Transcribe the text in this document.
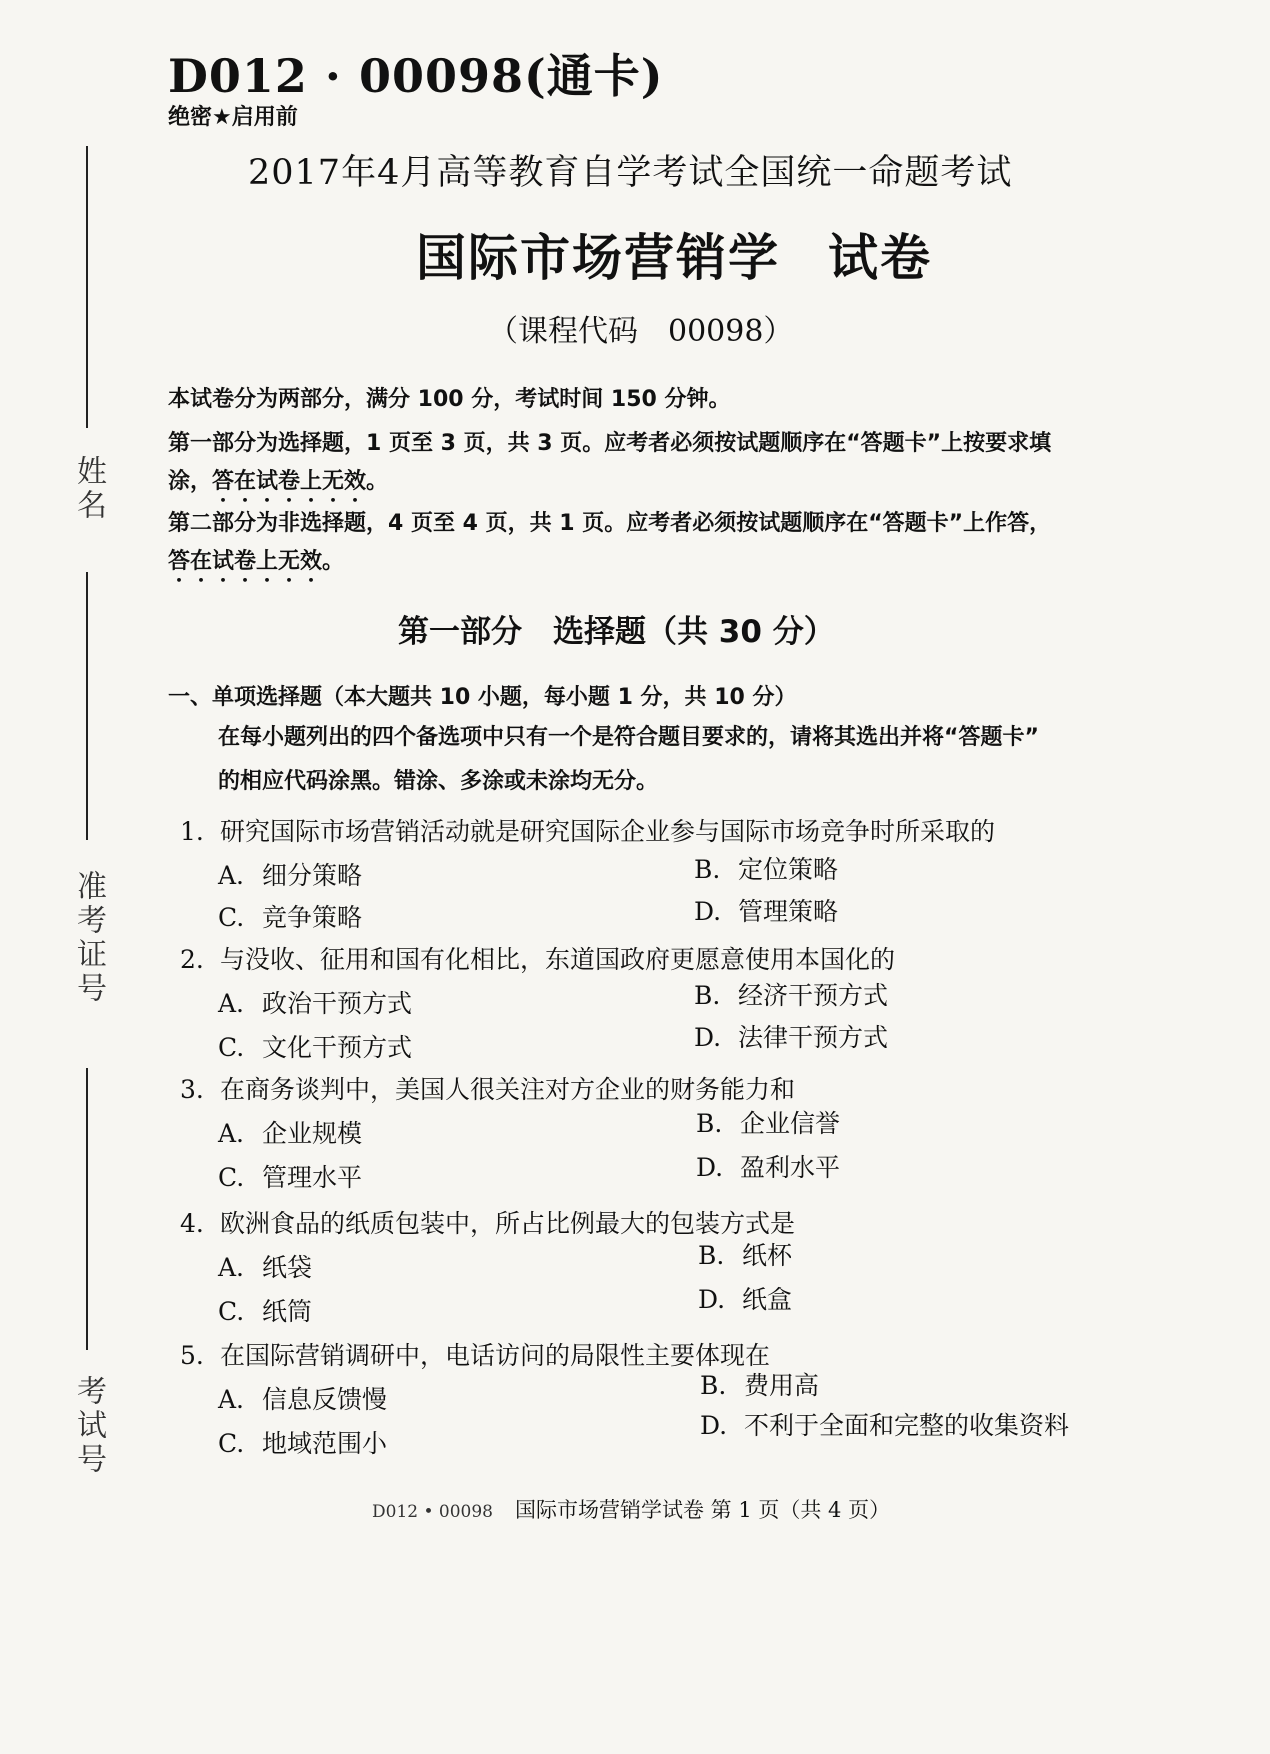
D012 · 00098(通卡)
绝密★启用前
2017年4月高等教育自学考试全国统一命题考试
国际市场营销学 试卷
（课程代码　00098）
姓名
准考证号
考试号
本试卷分为两部分，满分 100 分，考试时间 150 分钟。
第一部分为选择题，1 页至 3 页，共 3 页。应考者必须按试题顺序在“答题卡”上按要求填
涂，答在试卷上无效。
第二部分为非选择题，4 页至 4 页，共 1 页。应考者必须按试题顺序在“答题卡”上作答，
答在试卷上无效。
第一部分　选择题（共 30 分）
一、单项选择题（本大题共 10 小题，每小题 1 分，共 10 分）
在每小题列出的四个备选项中只有一个是符合题目要求的，请将其选出并将“答题卡”
的相应代码涂黑。错涂、多涂或未涂均无分。
1. 研究国际市场营销活动就是研究国际企业参与国际市场竞争时所采取的
A. 细分策略	B. 定位策略
C. 竞争策略	D. 管理策略
2. 与没收、征用和国有化相比，东道国政府更愿意使用本国化的
A. 政治干预方式	B. 经济干预方式
C. 文化干预方式	D. 法律干预方式
3. 在商务谈判中，美国人很关注对方企业的财务能力和
A. 企业规模	B. 企业信誉
C. 管理水平	D. 盈利水平
4. 欧洲食品的纸质包装中，所占比例最大的包装方式是
A. 纸袋	B. 纸杯
C. 纸筒	D. 纸盒
5. 在国际营销调研中，电话访问的局限性主要体现在
A. 信息反馈慢	B. 费用高
C. 地域范围小
D. 不利于全面和完整的收集资料
D012 • 00098 国际市场营销学试卷 第 1 页（共 4 页）
